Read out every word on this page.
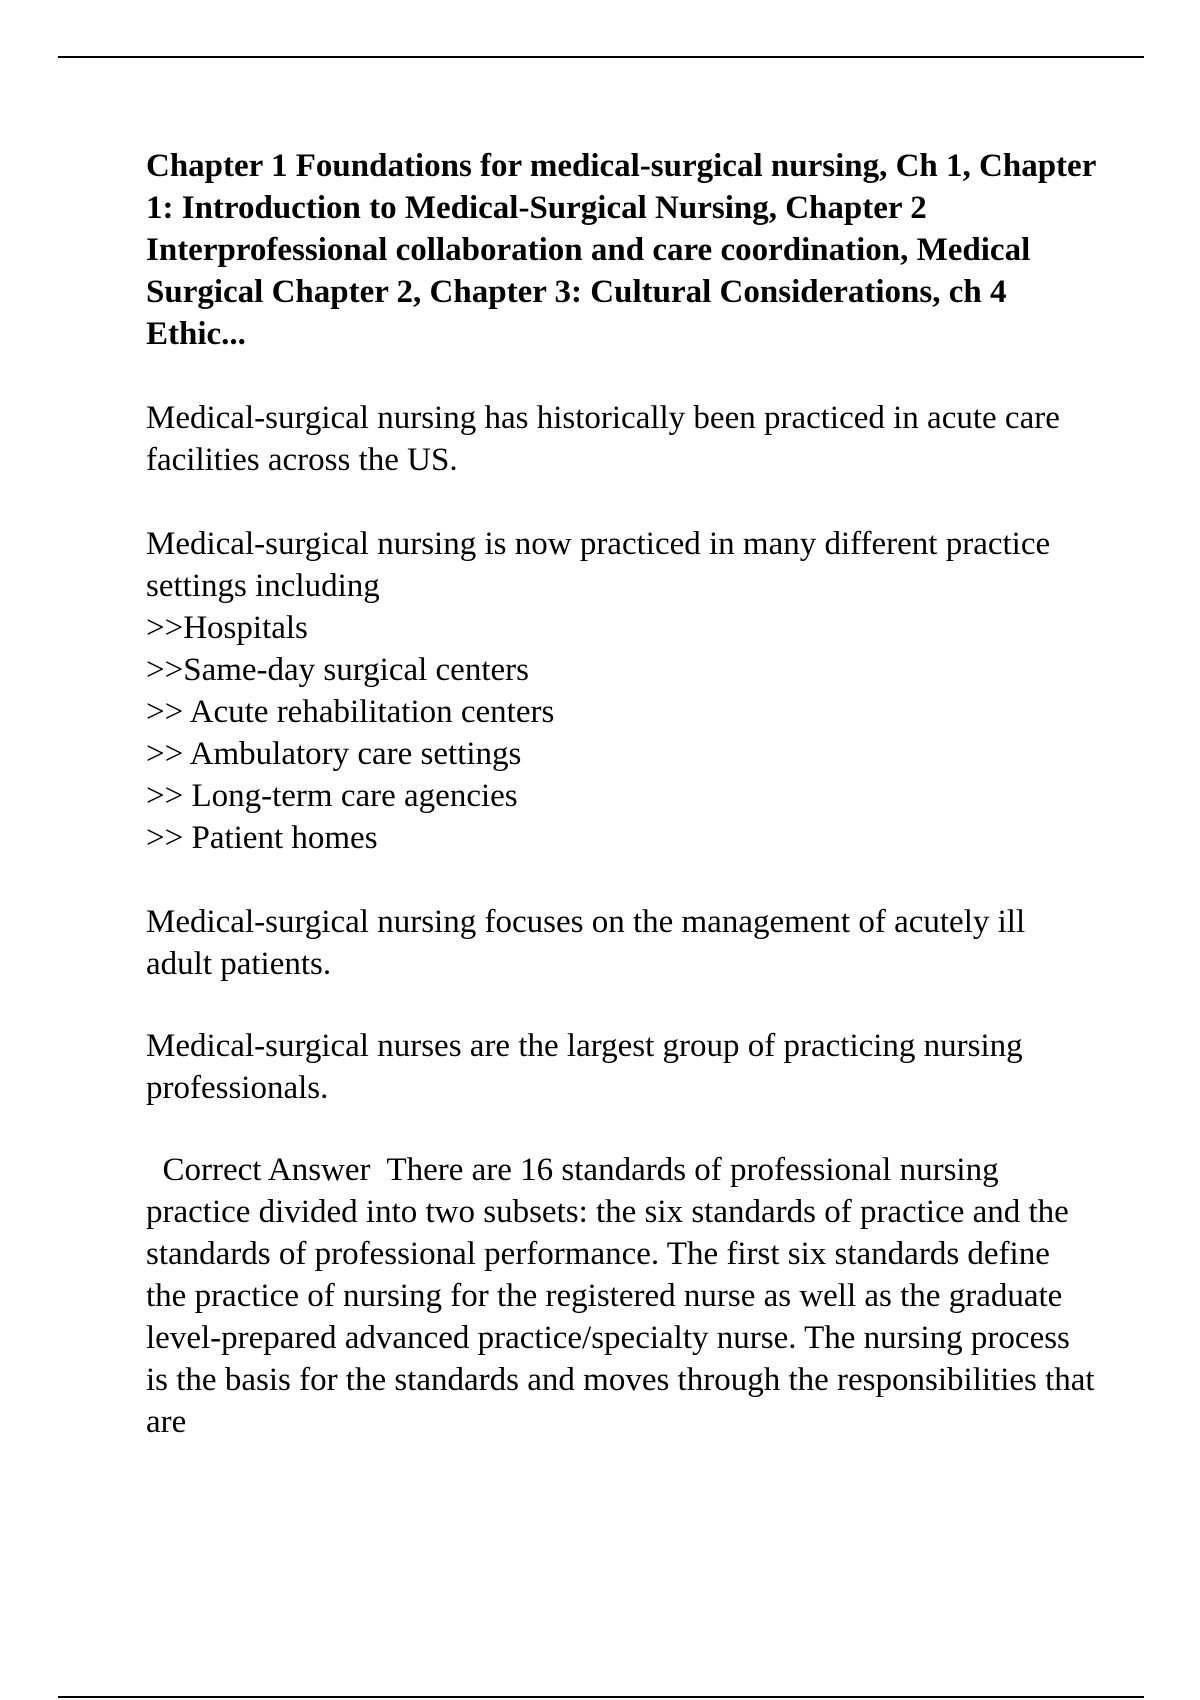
Chapter 1 Foundations for medical-surgical nursing, Ch 1, Chapter 1: Introduction to Medical-Surgical Nursing, Chapter 2 Interprofessional collaboration and care coordination, Medical Surgical Chapter 2, Chapter 3: Cultural Considerations, ch 4 Ethic...

Medical-surgical nursing has historically been practiced in acute care facilities across the US.

Medical-surgical nursing is now practiced in many different practice settings including

>>Hospitals
>>Same-day surgical centers
>> Acute rehabilitation centers
>> Ambulatory care settings
>> Long-term care agencies
>> Patient homes

Medical-surgical nursing focuses on the management of acutely ill adult patients.

Medical-surgical nurses are the largest group of practicing nursing professionals.

Correct Answer There are 16 standards of professional nursing practice divided into two subsets: the six standards of practice and the standards of professional performance. The first six standards define the practice of nursing for the registered nurse as well as the graduate level-prepared advanced practice/specialty nurse. The nursing process is the basis for the standards and moves through the responsibilities that are
